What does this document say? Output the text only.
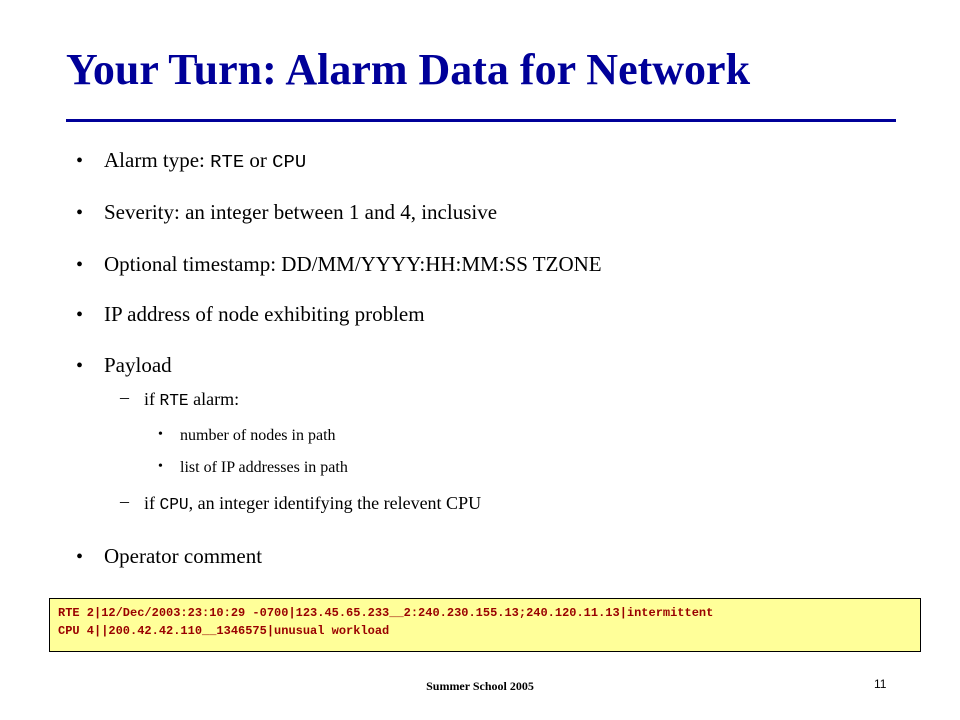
Your Turn: Alarm Data for Network
• Alarm type: RTE or CPU
• Severity: an integer between 1 and 4, inclusive
• Optional timestamp: DD/MM/YYYY:HH:MM:SS TZONE
• IP address of node exhibiting problem
• Payload
– if RTE alarm:
• number of nodes in path
• list of IP addresses in path
– if CPU, an integer identifying the relevent CPU
• Operator comment
RTE 2|12/Dec/2003:23:10:29 -0700|123.45.65.233__2:240.230.155.13;240.120.11.13|intermittent
CPU 4||200.42.42.110__1346575|unusual workload
Summer School 2005	11
